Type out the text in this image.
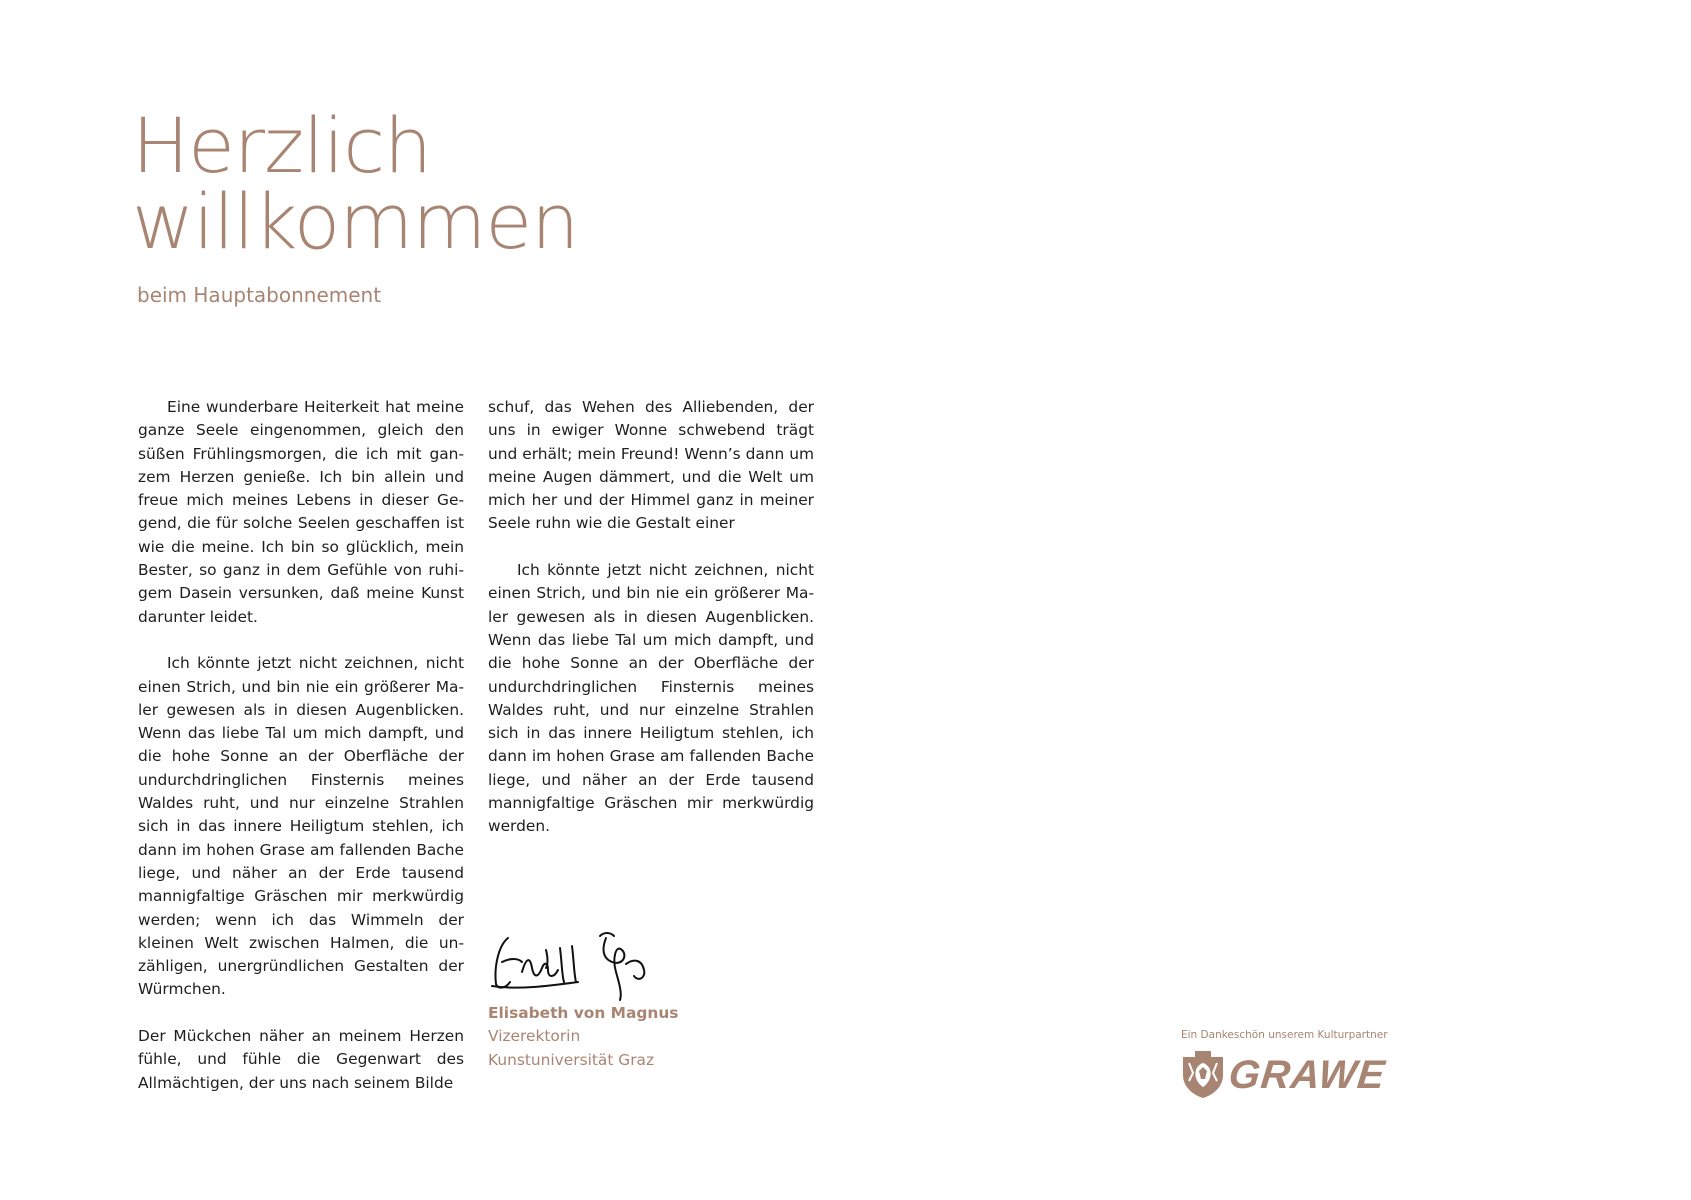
Herzlich
willkommen
beim Hauptabonnement

Eine wunderbare Heiterkeit hat meine ganze Seele eingenommen, gleich den süßen Frühlingsmorgen, die ich mit ganzem Herzen genieße. Ich bin allein und freue mich meines Lebens in dieser Gegend, die für solche Seelen geschaffen ist wie die meine. Ich bin so glücklich, mein Bester, so ganz in dem Gefühle von ruhigem Dasein versunken, daß meine Kunst darunter leidet.

Ich könnte jetzt nicht zeichnen, nicht einen Strich, und bin nie ein größerer Maler gewesen als in diesen Augenblicken. Wenn das liebe Tal um mich dampft, und die hohe Sonne an der Oberfläche der undurchdringlichen Finsternis meines Waldes ruht, und nur einzelne Strahlen sich in das innere Heiligtum stehlen, ich dann im hohen Grase am fallenden Bache liege, und näher an der Erde tausend mannigfaltige Gräschen mir merkwürdig werden; wenn ich das Wimmeln der kleinen Welt zwischen Halmen, die unzähligen, unergründlichen Gestalten der Würmchen.

Der Mückchen näher an meinem Herzen fühle, und fühle die Gegenwart des Allmächtigen, der uns nach seinem Bilde

schuf, das Wehen des Alliebenden, der uns in ewiger Wonne schwebend trägt und erhält; mein Freund! Wenn’s dann um meine Augen dämmert, und die Welt um mich her und der Himmel ganz in meiner Seele ruhn wie die Gestalt einer

Ich könnte jetzt nicht zeichnen, nicht einen Strich, und bin nie ein größerer Maler gewesen als in diesen Augenblicken. Wenn das liebe Tal um mich dampft, und die hohe Sonne an der Oberfläche der undurchdringlichen Finsternis meines Waldes ruht, und nur einzelne Strahlen sich in das innere Heiligtum stehlen, ich dann im hohen Grase am fallenden Bache liege, und näher an der Erde tausend mannigfaltige Gräschen mir merkwürdig werden.

Elisabeth von Magnus
Vizerektorin
Kunstuniversität Graz
Ein Dankeschön unserem Kulturpartner
GRAWE
